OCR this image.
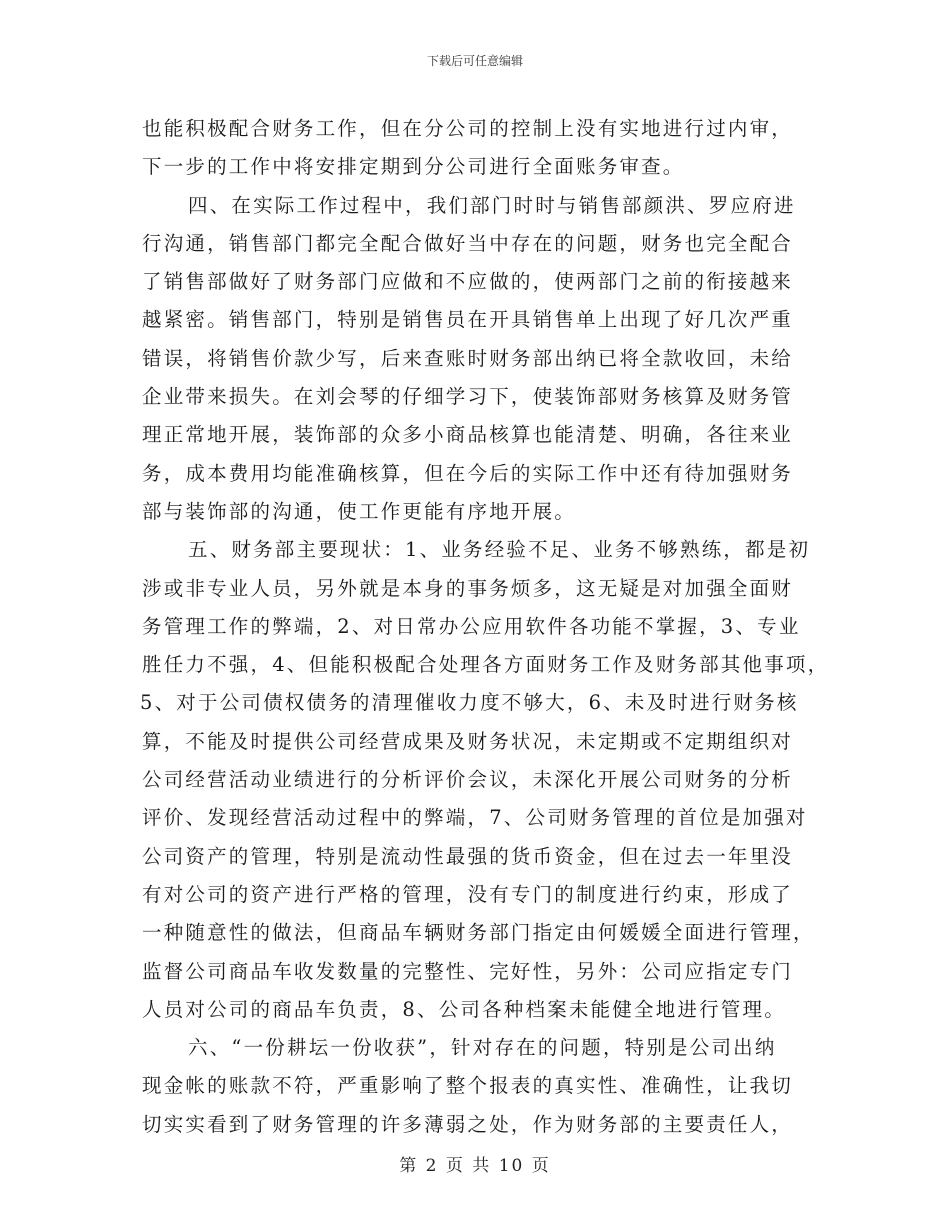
下载后可任意编辑
也能积极配合财务工作，但在分公司的控制上没有实地进行过内审，
下一步的工作中将安排定期到分公司进行全面账务审查。
四、在实际工作过程中，我们部门时时与销售部颜洪、罗应府进
行沟通，销售部门都完全配合做好当中存在的问题，财务也完全配合
了销售部做好了财务部门应做和不应做的，使两部门之前的衔接越来
越紧密。销售部门，特别是销售员在开具销售单上出现了好几次严重
错误，将销售价款少写，后来查账时财务部出纳已将全款收回，未给
企业带来损失。在刘会琴的仔细学习下，使装饰部财务核算及财务管
理正常地开展，装饰部的众多小商品核算也能清楚、明确，各往来业
务，成本费用均能准确核算，但在今后的实际工作中还有待加强财务
部与装饰部的沟通，使工作更能有序地开展。
五、财务部主要现状：1、业务经验不足、业务不够熟练，都是初
涉或非专业人员，另外就是本身的事务烦多，这无疑是对加强全面财
务管理工作的弊端，2、对日常办公应用软件各功能不掌握，3、专业
胜任力不强，4、但能积极配合处理各方面财务工作及财务部其他事项，
5、对于公司债权债务的清理催收力度不够大，6、未及时进行财务核
算，不能及时提供公司经营成果及财务状况，未定期或不定期组织对
公司经营活动业绩进行的分析评价会议，未深化开展公司财务的分析
评价、发现经营活动过程中的弊端，7、公司财务管理的首位是加强对
公司资产的管理，特别是流动性最强的货币资金，但在过去一年里没
有对公司的资产进行严格的管理，没有专门的制度进行约束，形成了
一种随意性的做法，但商品车辆财务部门指定由何媛媛全面进行管理，
监督公司商品车收发数量的完整性、完好性，另外：公司应指定专门
人员对公司的商品车负责，8、公司各种档案未能健全地进行管理。
六、“一份耕坛一份收获”，针对存在的问题，特别是公司出纳
现金帐的账款不符，严重影响了整个报表的真实性、准确性，让我切
切实实看到了财务管理的许多薄弱之处，作为财务部的主要责任人，
第 2 页 共 10 页
